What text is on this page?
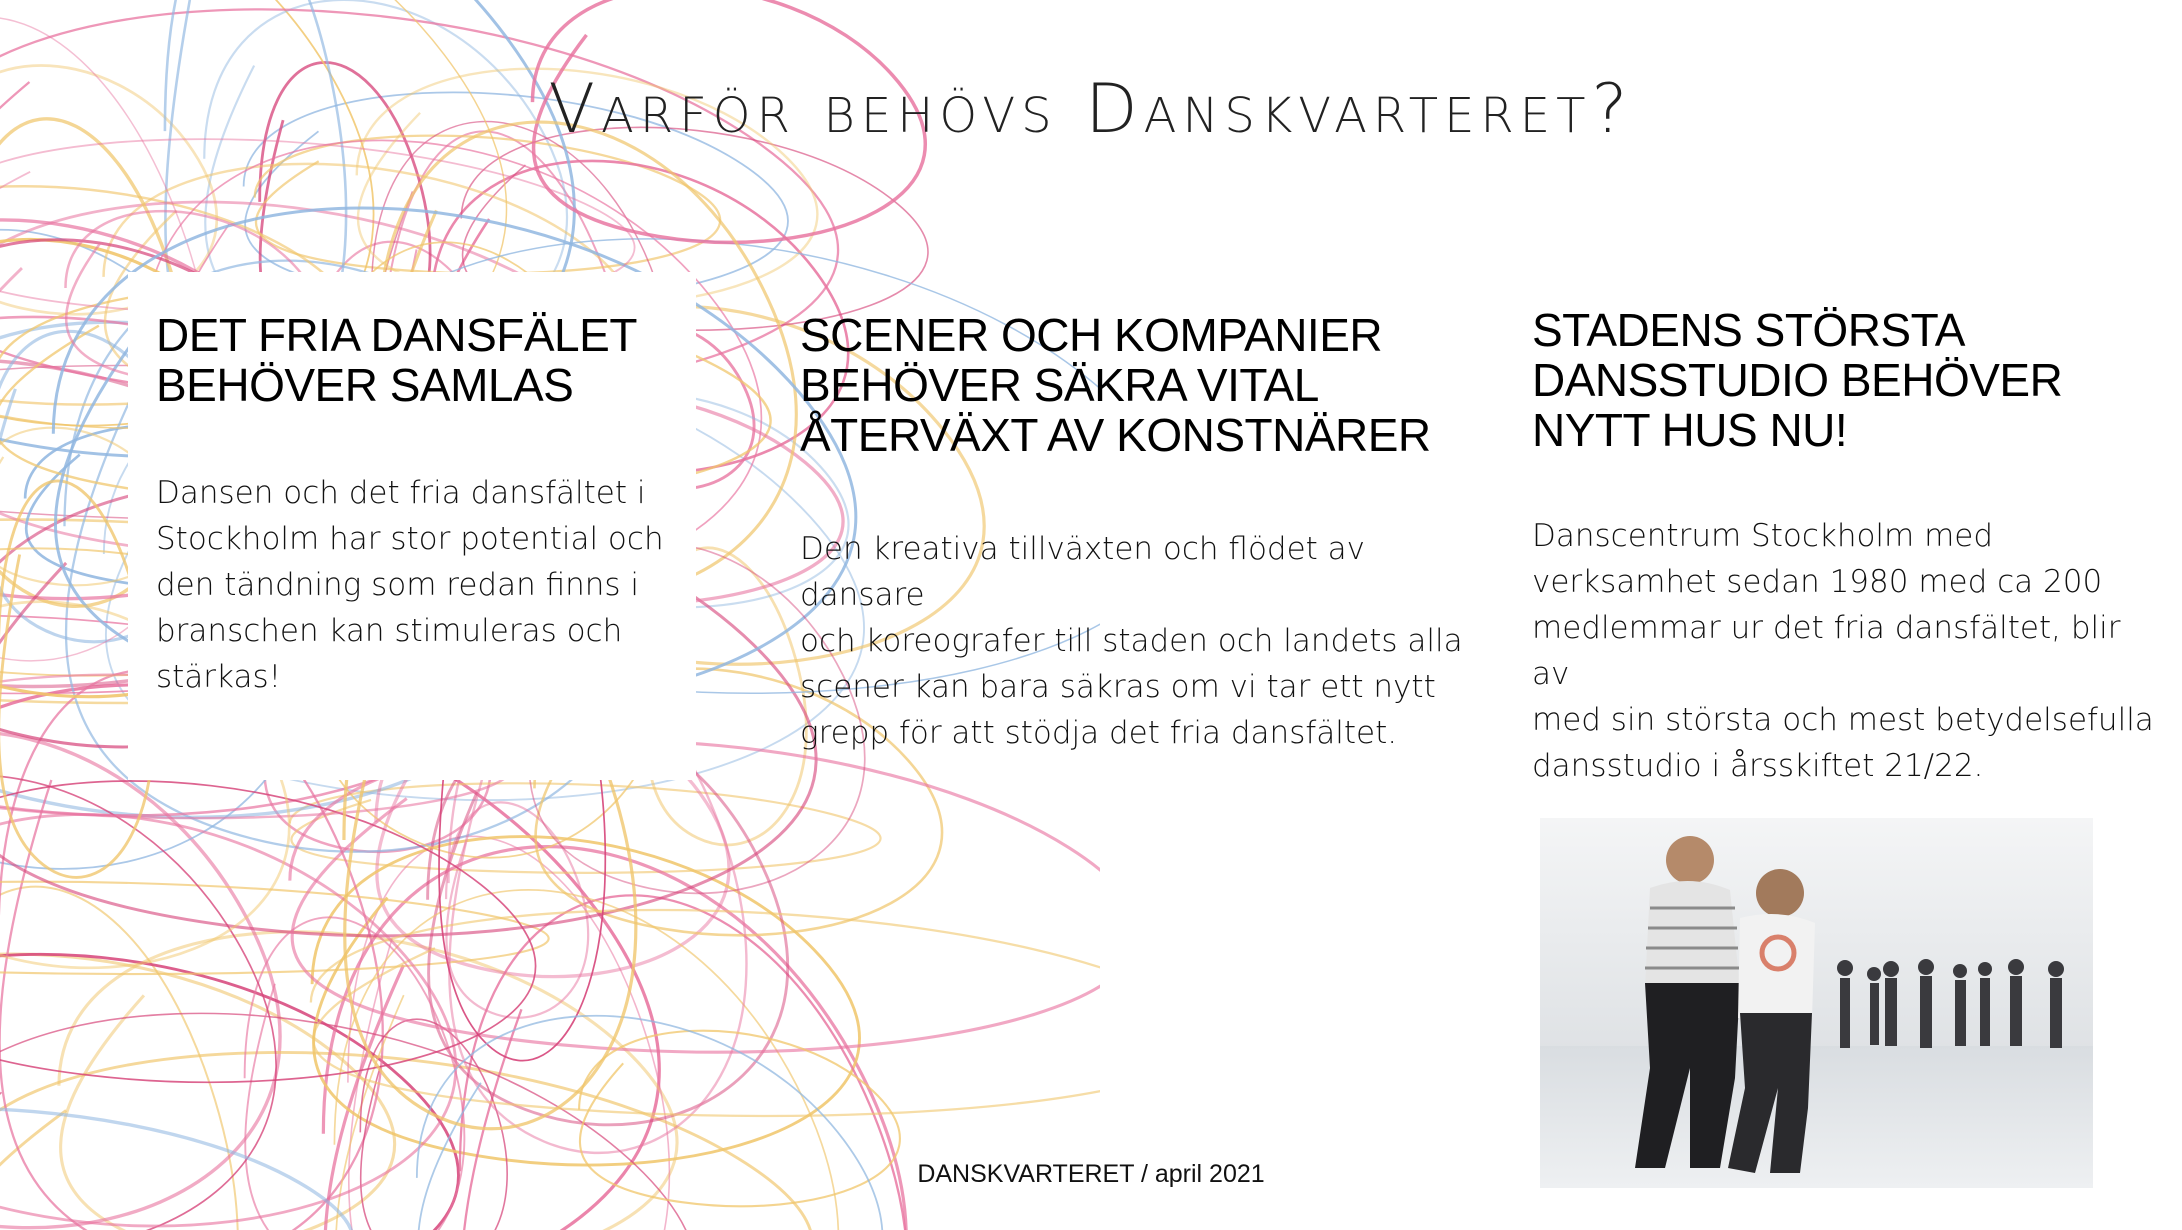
Varför behövs Danskvarteret?
DET FRIA DANSFÄLET
BEHÖVER SAMLAS

Dansen och det fria dansfältet i
Stockholm har stor potential och
den tändning som redan finns i
branschen kan stimuleras och
stärkas!

SCENER OCH KOMPANIER
BEHÖVER SÄKRA VITAL
ÅTERVÄXT AV KONSTNÄRER

Den kreativa tillväxten och flödet av dansare
och koreografer till staden och landets alla
scener kan bara säkras om vi tar ett nytt
grepp för att stödja det fria dansfältet.

STADENS STÖRSTA
DANSSTUDIO BEHÖVER
NYTT HUS NU!

Danscentrum Stockholm med
verksamhet sedan 1980 med ca 200
medlemmar ur det fria dansfältet, blir av
med sin största och mest betydelsefulla
dansstudio i årsskiftet 21/22.

DANSKVARTERET / april 2021
